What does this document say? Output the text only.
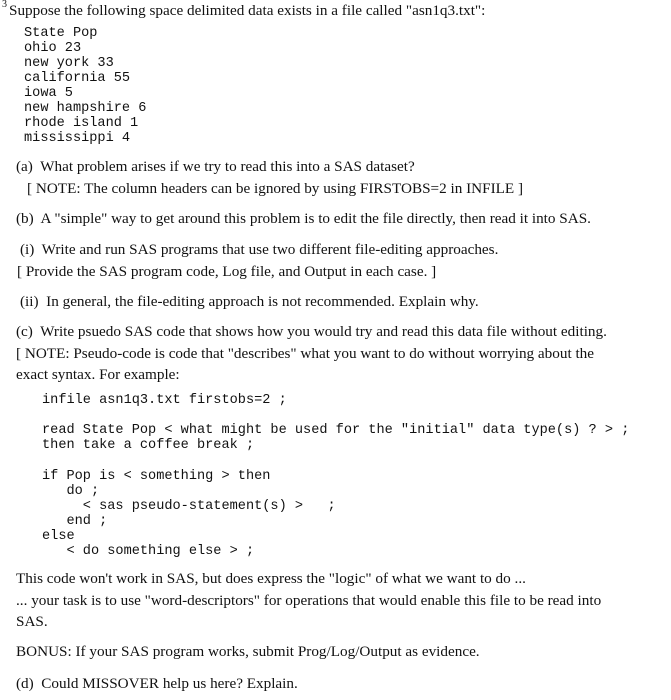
3 Suppose the following space delimited data exists in a file called "asn1q3.txt":
State Pop
ohio 23
new york 33
california 55
iowa 5
new hampshire 6
rhode island 1
mississippi 4
(a)  What problem arises if we try to read this into a SAS dataset?
[ NOTE: The column headers can be ignored by using FIRSTOBS=2 in INFILE ]
(b)  A "simple" way to get around this problem is to edit the file directly, then read it into SAS.
(i)  Write and run SAS programs that use two different file-editing approaches.
[ Provide the SAS program code, Log file, and Output in each case. ]
(ii)  In general, the file-editing approach is not recommended. Explain why.
(c)  Write psuedo SAS code that shows how you would try and read this data file without editing.
[ NOTE: Pseudo-code is code that "describes" what you want to do without worrying about the
exact syntax. For example:
infile asn1q3.txt firstobs=2 ;
read State Pop < what might be used for the "initial" data type(s) ? > ;
then take a coffee break ;
if Pop is < something > then
do ;
< sas pseudo-statement(s) >   ;
end ;
else
< do something else > ;
This code won't work in SAS, but does express the "logic" of what we want to do ...
... your task is to use "word-descriptors" for operations that would enable this file to be read into
SAS.
BONUS: If your SAS program works, submit Prog/Log/Output as evidence.
(d)  Could MISSOVER help us here? Explain.
